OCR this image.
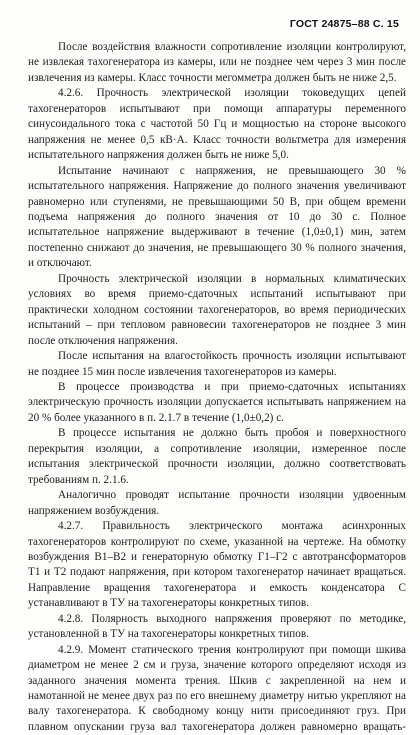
ГОСТ 24875–88 С. 15

После воздействия влажности сопротивление изоляции контролируют, не извлекая тахогенератора из камеры, или не позднее чем через 3 мин после извлечения из камеры. Класс точности мегомметра должен быть не ниже 2,5.

4.2.6. Прочность электрической изоляции токоведущих цепей тахогенераторов испытывают при помощи аппаратуры переменного синусоидального тока с частотой 50 Гц и мощностью на стороне высокого напряжения не менее 0,5 кВ·А. Класс точности вольтметра для измерения испытательного напряжения должен быть не ниже 5,0.

Испытание начинают с напряжения, не превышающего 30 % испытательного напряжения. Напряжение до полного значения увеличивают равномерно или ступенями, не превышающими 50 В, при общем времени подъема напряжения до полного значения от 10 до 30 с. Полное испытательное напряжение выдерживают в течение (1,0±0,1) мин, затем постепенно снижают до значения, не превышающего 30 % полного значения, и отключают.

Прочность электрической изоляции в нормальных климатических условиях во время приемо-сдаточных испытаний испытывают при практически холодном состоянии тахогенераторов, во время периодических испытаний – при тепловом равновесии тахогенераторов не позднее 3 мин после отключения напряжения.

После испытания на влагостойкость прочность изоляции испытывают не позднее 15 мин после извлечения тахогенераторов из камеры.

В процессе производства и при приемо-сдаточных испытаниях электрическую прочность изоляции допускается испытывать напряжением на 20 % более указанного в п. 2.1.7 в течение (1,0±0,2) с.

В процессе испытания не должно быть пробоя и поверхностного перекрытия изоляции, а сопротивление изоляции, измеренное после испытания электрической прочности изоляции, должно соответствовать требованиям п. 2.1.6.

Аналогично проводят испытание прочности изоляции удвоенным напряжением возбуждения.

4.2.7. Правильность электрического монтажа асинхронных тахогенераторов контролируют по схеме, указанной на чертеже. На обмотку возбуждения В1–В2 и генераторную обмотку Г1–Г2 с автотрансформаторов Т1 и Т2 подают напряжения, при котором тахогенератор начинает вращаться. Направление вращения тахогенератора и емкость конденсатора С устанавливают в ТУ на тахогенераторы конкретных типов.

4.2.8. Полярность выходного напряжения проверяют по методике, установленной в ТУ на тахогенераторы конкретных типов.

4.2.9. Момент статического трения контролируют при помощи шкива диаметром не менее 2 см и груза, значение которого определяют исходя из заданного значения момента трения. Шкив с закрепленной на нем и намотанной не менее двух раз по его внешнему диаметру нитью укрепляют на валу тахогенератора. К свободному концу нити присоединяют груз. При плавном опускании груза вал тахогенератора должен равномерно вращать-
